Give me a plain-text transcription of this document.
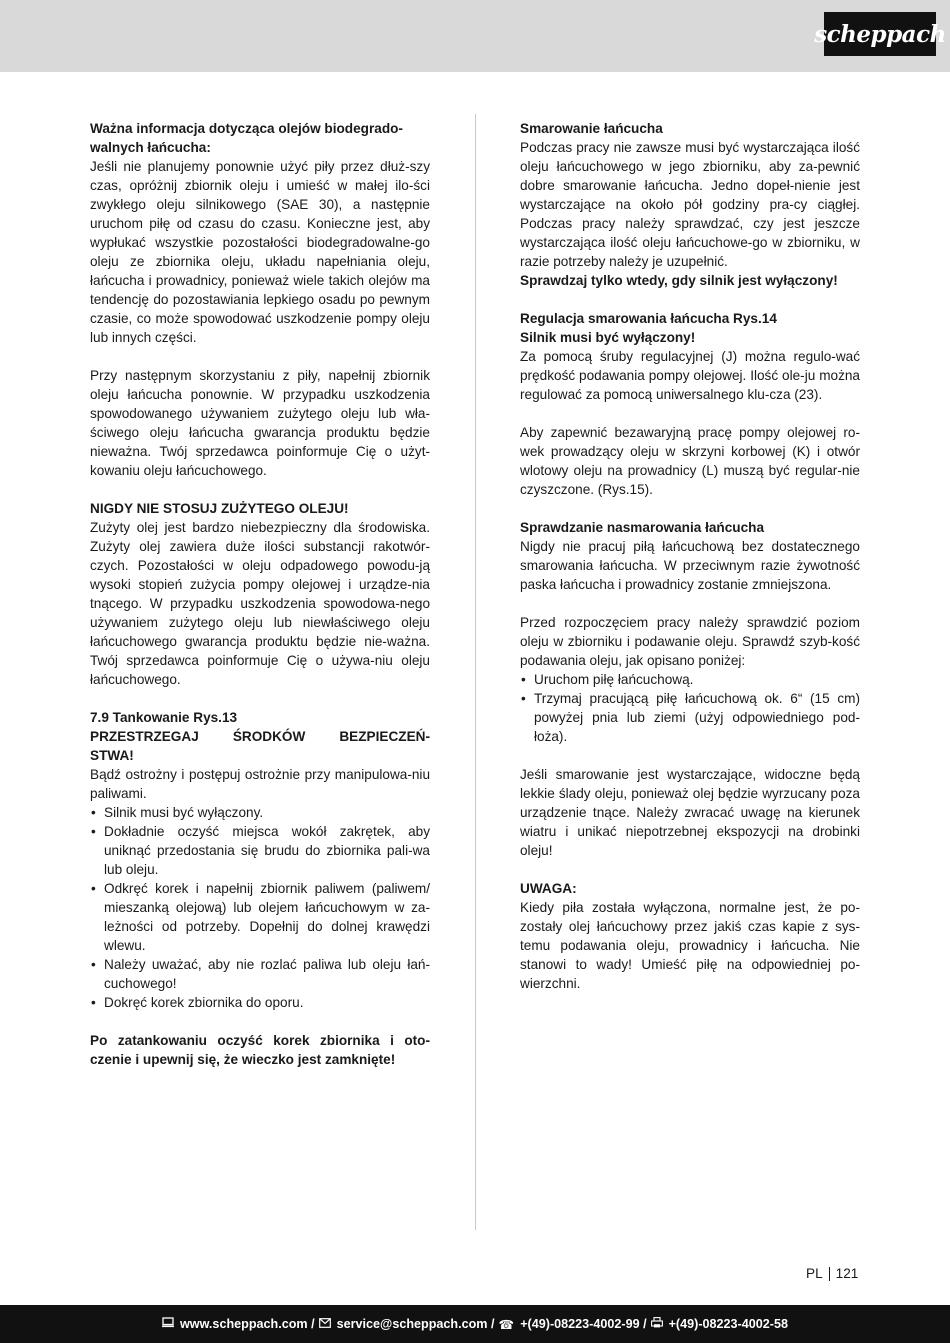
scheppach

Ważna informacja dotycząca olejów biodegrado-walnych łańcucha:

Jeśli nie planujemy ponownie użyć piły przez dłuż-szy czas, opróżnij zbiornik oleju i umieść w małej ilo-ści zwykłego oleju silnikowego (SAE 30), a następnie uruchom piłę od czasu do czasu. Konieczne jest, aby wypłukać wszystkie pozostałości biodegradowalne-go oleju ze zbiornika oleju, układu napełniania oleju, łańcucha i prowadnicy, ponieważ wiele takich olejów ma tendencję do pozostawiania lepkiego osadu po pewnym czasie, co może spowodować uszkodzenie pompy oleju lub innych części.

Przy następnym skorzystaniu z piły, napełnij zbiornik oleju łańcucha ponownie. W przypadku uszkodzenia spowodowanego używaniem zużytego oleju lub wła-ściwego oleju łańcucha gwarancja produktu będzie nieważna. Twój sprzedawca poinformuje Cię o użyt-kowaniu oleju łańcuchowego.

NIGDY NIE STOSUJ ZUŻYTEGO OLEJU!

Zużyty olej jest bardzo niebezpieczny dla środowiska. Zużyty olej zawiera duże ilości substancji rakotwór-czych. Pozostałości w oleju odpadowego powodu-ją wysoki stopień zużycia pompy olejowej i urządze-nia tnącego. W przypadku uszkodzenia spowodowa-nego używaniem zużytego oleju lub niewłaściwego oleju łańcuchowego gwarancja produktu będzie nie-ważna. Twój sprzedawca poinformuje Cię o używa-niu oleju łańcuchowego.

7.9 Tankowanie Rys.13

PRZESTRZEGAJ ŚRODKÓW BEZPIECZEŃ-

STWA!

Bądź ostrożny i postępuj ostrożnie przy manipulowa-niu paliwami.

• Silnik musi być wyłączony.
• Dokładnie oczyść miejsca wokół zakrętek, aby uniknąć przedostania się brudu do zbiornika pali-wa lub oleju.
• Odkręć korek i napełnij zbiornik paliwem (paliwem/ mieszanką olejową) lub olejem łańcuchowym w za-leżności od potrzeby. Dopełnij do dolnej krawędzi wlewu.
• Należy uważać, aby nie rozlać paliwa lub oleju łań-cuchowego!
• Dokręć korek zbiornika do oporu.

Po zatankowaniu oczyść korek zbiornika i oto-czenie i upewnij się, że wieczko jest zamknięte!

Smarowanie łańcucha

Podczas pracy nie zawsze musi być wystarczająca ilość oleju łańcuchowego w jego zbiorniku, aby za-pewnić dobre smarowanie łańcucha. Jedno dopeł-nienie jest wystarczające na około pół godziny pra-cy ciągłej. Podczas pracy należy sprawdzać, czy jest jeszcze wystarczająca ilość oleju łańcuchowe-go w zbiorniku, w razie potrzeby należy je uzupełnić.

Sprawdzaj tylko wtedy, gdy silnik jest wyłączony!

Regulacja smarowania łańcucha Rys.14

Silnik musi być wyłączony!

Za pomocą śruby regulacyjnej (J) można regulo-wać prędkość podawania pompy olejowej. Ilość ole-ju można regulować za pomocą uniwersalnego klu-cza (23).

Aby zapewnić bezawaryjną pracę pompy olejowej ro-wek prowadzący oleju w skrzyni korbowej (K) i otwór wlotowy oleju na prowadnicy (L) muszą być regular-nie czyszczone. (Rys.15).

Sprawdzanie nasmarowania łańcucha

Nigdy nie pracuj piłą łańcuchową bez dostatecznego smarowania łańcucha. W przeciwnym razie żywotność paska łańcucha i prowadnicy zostanie zmniejszona.

Przed rozpoczęciem pracy należy sprawdzić poziom oleju w zbiorniku i podawanie oleju. Sprawdź szyb-kość podawania oleju, jak opisano poniżej:

• Uruchom piłę łańcuchową.
• Trzymaj pracującą piłę łańcuchową ok. 6“ (15 cm) powyżej pnia lub ziemi (użyj odpowiedniego pod-łoża).

Jeśli smarowanie jest wystarczające, widoczne będą lekkie ślady oleju, ponieważ olej będzie wyrzucany poza urządzenie tnące. Należy zwracać uwagę na kierunek wiatru i unikać niepotrzebnej ekspozycji na drobinki oleju!

UWAGA:

Kiedy piła została wyłączona, normalne jest, że po-zostały olej łańcuchowy przez jakiś czas kapie z sys-temu podawania oleju, prowadnicy i łańcucha. Nie stanowi to wady! Umieść piłę na odpowiedniej po-wierzchni.

PL 121
www.scheppach.com / service@scheppach.com / ☎ +(49)-08223-4002-99 / +(49)-08223-4002-58
